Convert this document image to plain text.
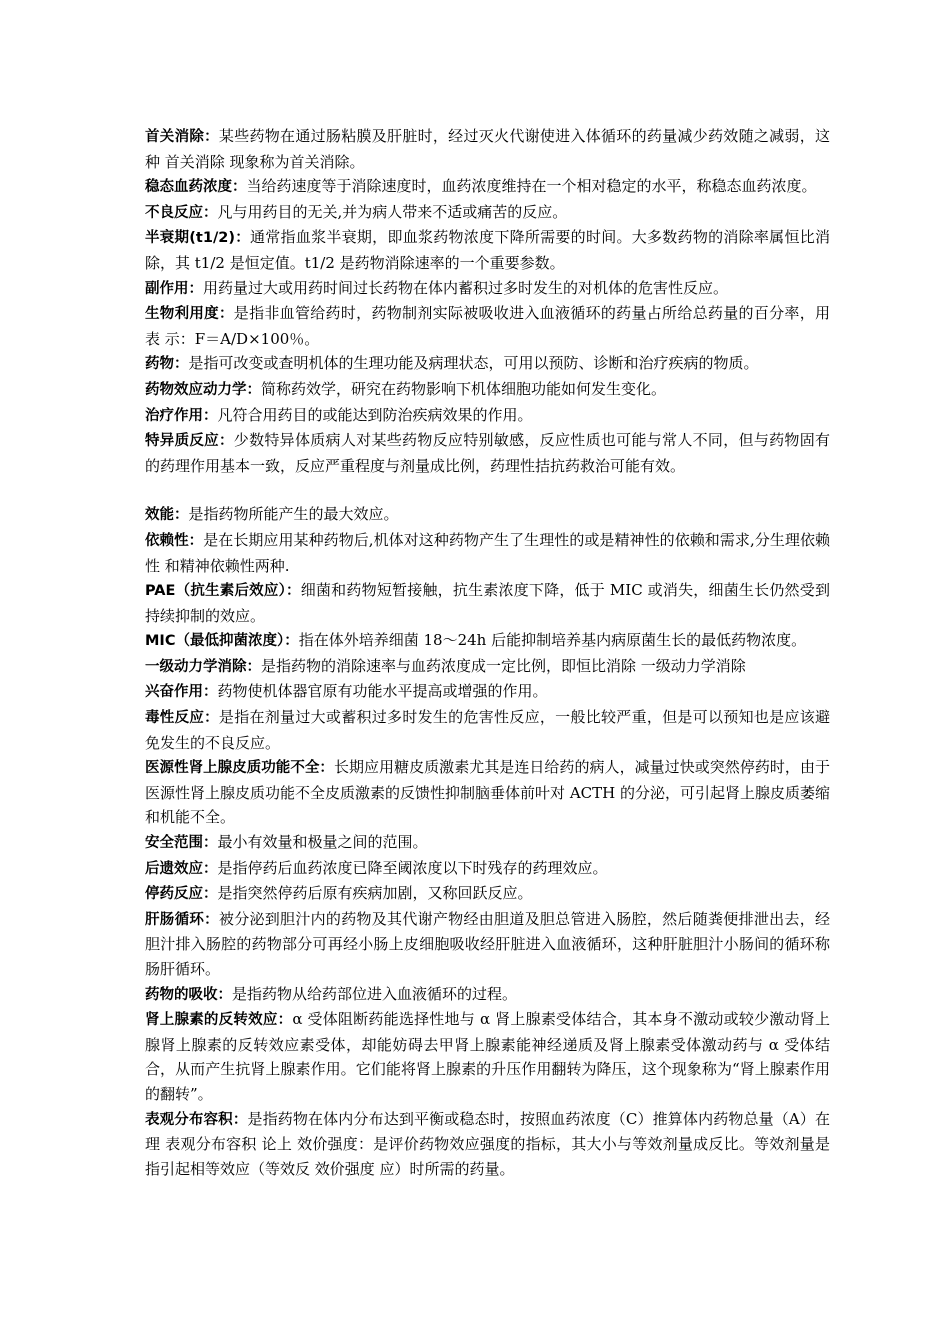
首关消除：某些药物在通过肠粘膜及肝脏时，经过灭火代谢使进入体循环的药量减少药效随之减弱，这种 首关消除 现象称为首关消除。

稳态血药浓度：当给药速度等于消除速度时，血药浓度维持在一个相对稳定的水平，称稳态血药浓度。

不良反应：凡与用药目的无关,并为病人带来不适或痛苦的反应。

半衰期(t1/2)：通常指血浆半衰期，即血浆药物浓度下降所需要的时间。大多数药物的消除率属恒比消除，其 t1/2 是恒定值。t1/2 是药物消除速率的一个重要参数。

副作用：用药量过大或用药时间过长药物在体内蓄积过多时发生的对机体的危害性反应。

生物利用度：是指非血管给药时，药物制剂实际被吸收进入血液循环的药量占所给总药量的百分率，用表 示：F＝A/D×100％。

药物：是指可改变或查明机体的生理功能及病理状态，可用以预防、诊断和治疗疾病的物质。

药物效应动力学：简称药效学，研究在药物影响下机体细胞功能如何发生变化。

治疗作用：凡符合用药目的或能达到防治疾病效果的作用。

特异质反应：少数特异体质病人对某些药物反应特别敏感，反应性质也可能与常人不同，但与药物固有的药理作用基本一致，反应严重程度与剂量成比例，药理性拮抗药救治可能有效。

效能：是指药物所能产生的最大效应。

依赖性：是在长期应用某种药物后,机体对这种药物产生了生理性的或是精神性的依赖和需求,分生理依赖性 和精神依赖性两种.

PAE（抗生素后效应）：细菌和药物短暂接触，抗生素浓度下降，低于 MIC 或消失，细菌生长仍然受到持续抑制的效应。

MIC（最低抑菌浓度）：指在体外培养细菌 18～24h 后能抑制培养基内病原菌生长的最低药物浓度。

一级动力学消除：是指药物的消除速率与血药浓度成一定比例，即恒比消除 一级动力学消除

兴奋作用：药物使机体器官原有功能水平提高或增强的作用。

毒性反应：是指在剂量过大或蓄积过多时发生的危害性反应，一般比较严重，但是可以预知也是应该避免发生的不良反应。

医源性肾上腺皮质功能不全：长期应用糖皮质激素尤其是连日给药的病人，减量过快或突然停药时，由于医源性肾上腺皮质功能不全皮质激素的反馈性抑制脑垂体前叶对 ACTH 的分泌，可引起肾上腺皮质萎缩和机能不全。

安全范围：最小有效量和极量之间的范围。

后遗效应：是指停药后血药浓度已降至阈浓度以下时残存的药理效应。

停药反应：是指突然停药后原有疾病加剧，又称回跃反应。

肝肠循环：被分泌到胆汁内的药物及其代谢产物经由胆道及胆总管进入肠腔，然后随粪便排泄出去，经胆汁排入肠腔的药物部分可再经小肠上皮细胞吸收经肝脏进入血液循环，这种肝脏胆汁小肠间的循环称肠肝循环。

药物的吸收：是指药物从给药部位进入血液循环的过程。

肾上腺素的反转效应：α 受体阻断药能选择性地与 α 肾上腺素受体结合，其本身不激动或较少激动肾上腺肾上腺素的反转效应素受体，却能妨碍去甲肾上腺素能神经递质及肾上腺素受体激动药与 α 受体结合，从而产生抗肾上腺素作用。它们能将肾上腺素的升压作用翻转为降压，这个现象称为“肾上腺素作用的翻转”。

表观分布容积：是指药物在体内分布达到平衡或稳态时，按照血药浓度（C）推算体内药物总量（A）在理 表观分布容积 论上 效价强度：是评价药物效应强度的指标，其大小与等效剂量成反比。等效剂量是指引起相等效应（等效反 效价强度 应）时所需的药量。
